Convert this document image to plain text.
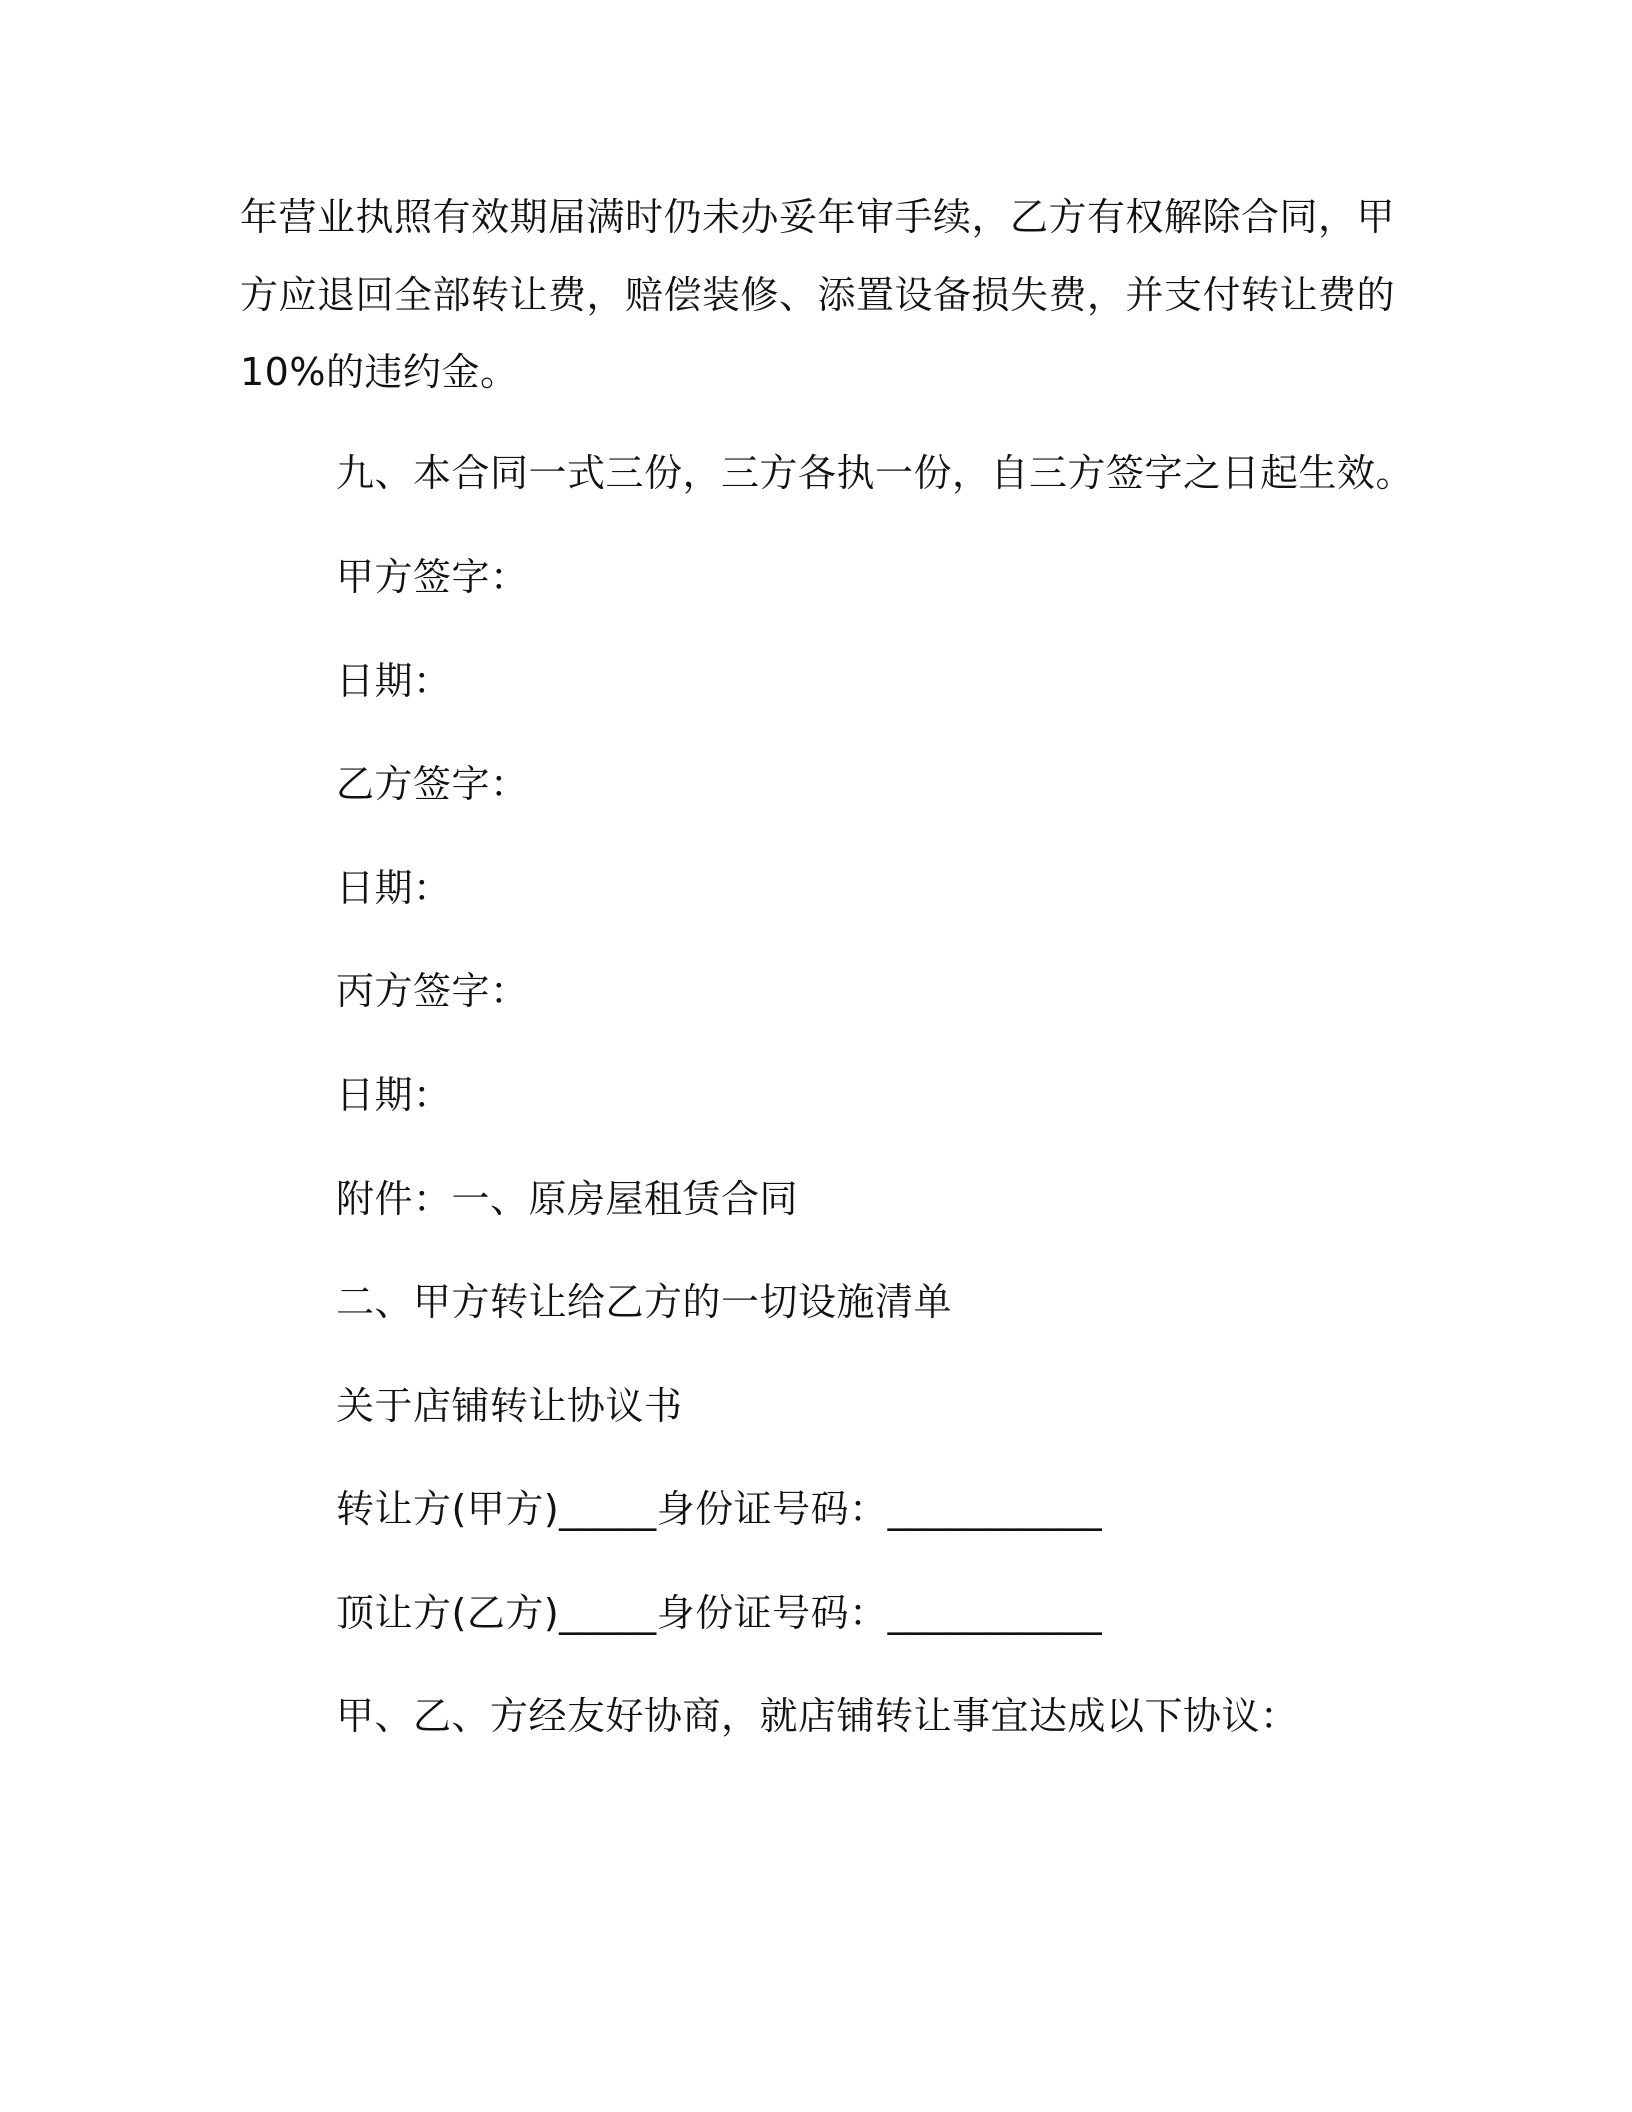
年营业执照有效期届满时仍未办妥年审手续，乙方有权解除合同，甲
方应退回全部转让费，赔偿装修、添置设备损失费，并支付转让费的
10%的违约金。
九、本合同一式三份，三方各执一份，自三方签字之日起生效。
甲方签字：
日期：
乙方签字：
日期：
丙方签字：
日期：
附件：一、原房屋租赁合同
二、甲方转让给乙方的一切设施清单
关于店铺转让协议书
转让方(甲方)_____身份证号码：___________
顶让方(乙方)_____身份证号码：___________
甲、乙、方经友好协商，就店铺转让事宜达成以下协议：
